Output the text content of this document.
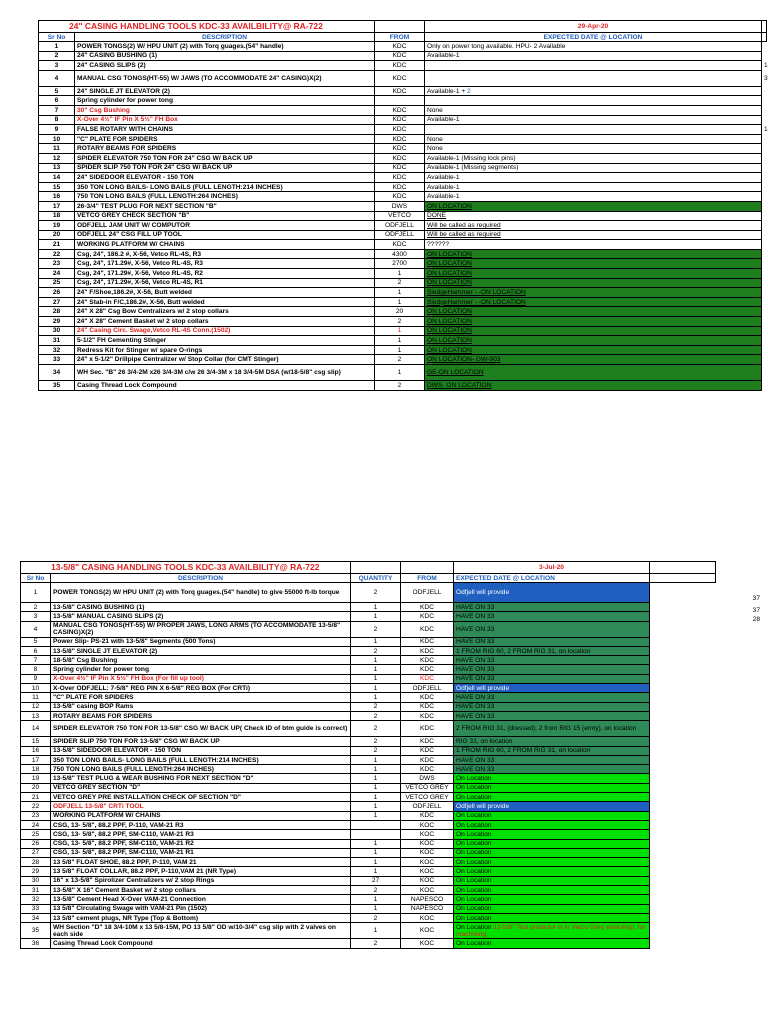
24" CASING HANDLING TOOLS KDC-33 AVAILBILITY@ RA-722			29-Apr-20	
Sr No	DESCRIPTION	FROM	EXPECTED DATE @ LOCATION	
1	POWER TONGS(2) W/ HPU UNIT (2) with Torq guages.(54" handle)	KDC	Only on power tong available. HPU- 2 Available	
2	24" CASING BUSHING (1)	KDC	Available-1	
3	24" CASING SLIPS (2)	KDC		1
4	MANUAL CSG TONGS(HT-55) W/ JAWS (TO ACCOMMODATE 24" CASING)X(2)	KDC		3
5	24" SINGLE JT ELEVATOR (2)	KDC	Available-1 + 2	
6	Spring cylinder for power tong			
7	30" Csg Bushing	KDC	None	
8	X-Over 4½" IF Pin X 5½" FH Box	KDC	Available-1	
9	FALSE ROTARY WITH CHAINS	KDC		1
10	"C" PLATE FOR SPIDERS	KDC	None	
11	ROTARY BEAMS FOR SPIDERS	KDC	None	
12	SPIDER ELEVATOR 750 TON FOR 24" CSG W/ BACK UP	KDC	Available-1 (Missing lock pins)	
13	SPIDER SLIP 750 TON FOR 24" CSG W/ BACK UP	KDC	Available-1 (Missing segments)	
14	24" SIDEDOOR ELEVATOR - 150 TON	KDC	Available-1	
15	350 TON LONG BAILS- LONG BAILS (FULL LENGTH:214 INCHES)	KDC	Available-1	
16	750 TON LONG BAILS (FULL LENGTH:264 INCHES)	KDC	Available-1	
17	26-3/4" TEST PLUG FOR NEXT SECTION "B"	DWS	ON LOCATION	
18	VETCO GREY CHECK SECTION "B"	VETCO	DONE	
19	ODFJELL JAM UNIT W/ COMPUTOR	ODFJELL	Will be called as required	
20	ODFJELL 24" CSG FILL UP TOOL	ODFJELL	Will be called as required	
21	WORKING PLATFORM W/ CHAINS	KDC	??????	
22	Csg, 24", 186.2 #, X-56, Vetco RL-4S, R3	4300	ON LOCATION	
23	Csg, 24", 171.29#, X-56, Vetco RL-4S, R3	2700	ON LOCATION	
24	Csg, 24", 171.29#, X-56, Vetco RL-4S, R2	1	ON LOCATION	
25	Csg, 24", 171.29#, X-56, Vetco RL-4S, R1	2	ON LOCATION	
26	24" F/Shoe,186.2#, X-56, Butt welded	1	SledgeHammer - -ON LOCATION	
27	24" Stab-in F/C,186.2#, X-56, Butt welded	1	SledgeHammer - -ON LOCATION	
28	24" X 28" Csg Bow Centralizers w/ 2 stop collars	20	ON LOCATION	
29	24" X 28" Cement Basket w/ 2 stop collars	2	ON LOCATION	
30	24" Casing Circ. Swage,Vetco RL-4S Conn.(1502)	1	ON LOCATION	
31	5-1/2" FH Cementing Stinger	1	ON LOCATION	
32	Redress Kit for Stinger w/ spare O-rings	1	ON LOCATION	
33	24" x 5-1/2" Drillpipe Centralizer w/ Stop Collar (for CMT Stinger)	2	ON LOCATION- GW-903	
34	WH Sec. "B" 26 3/4-2M x26 3/4-3M c/w 26 3/4-3M x 18 3/4-5M DSA (w/18-5/8" csg slip)	1	GE-ON LOCATION	
35	Casing Thread Lock Compound	2	DWS- ON LOCATION	
13-5/8" CASING HANDLING TOOLS KDC-33 AVAILBILITY@ RA-722				3-Jul-20	
Sr No	DESCRIPTION	QUANTITY	FROM	EXPECTED DATE @ LOCATION	
1	POWER TONGS(2) W/ HPU UNIT (2) with Torq guages.(54" handle) to give 55000 ft-lb torque	2	ODFJELL	Odfjell will provide	
2	13-5/8" CASING BUSHING (1)	1	KDC	HAVE ON 33	
3	13-5/8" MANUAL CASING SLIPS (2)	1	KDC	HAVE ON 33	
4	MANUAL CSG TONGS(HT-55) W/ PROPER JAWS, LONG ARMS (TO ACCOMMODATE 13-5/8" CASING)X(2)	2	KDC	HAVE ON 33	
5	Power Slip- PS-21 with 13-5/8" Segments (500 Tons)	1	KDC	HAVE ON 33	
6	13-5/8" SINGLE JT ELEVATOR (2)	2	KDC	1 FROM RIG 60, 2 FROM RIG 31, on location	
7	18-5/8" Csg Bushing	1	KDC	HAVE ON 33	
8	Spring cylinder for power tong	1	KDC	HAVE ON 33	
9	X-Over 4½" IF Pin X 5½" FH Box (For fill up tool)	1	KDC	HAVE ON 33	
10	X-Over ODFJELL: 7-5/8" REG PIN X 6-5/8" REG BOX (For CRTi)	1	ODFJELL	Odfjell will provide	
11	"C" PLATE FOR SPIDERS	1	KDC	HAVE ON 33	
12	13-5/8" casing BOP Rams	2	KDC	HAVE ON 33	
13	ROTARY BEAMS FOR SPIDERS	2	KDC	HAVE ON 33	
14	SPIDER ELEVATOR 750 TON FOR 13-5/8" CSG W/ BACK UP( Check ID of btm guide is correct)	2	KDC	2 FROM RIG 31, (dressed), 2 from RIG 15 (emty), on location	
15	SPIDER SLIP 750 TON FOR 13-5/8" CSG W/ BACK UP	2	KDC	RIG 31, on location	
16	13-5/8" SIDEDOOR ELEVATOR - 150 TON	2	KDC	1 FROM RIG 60, 2 FROM RIG 31, on location	
17	350 TON LONG BAILS- LONG BAILS (FULL LENGTH:214 INCHES)	1	KDC	HAVE ON 33	
18	750 TON LONG BAILS (FULL LENGTH:264 INCHES)	1	KDC	HAVE ON 33	
19	13-5/8" TEST PLUG & WEAR BUSHING FOR NEXT SECTION "D"	1	DWS	On Location	
20	VETCO GREY SECTION "D"	1	VETCO GREY	On Location	
21	VETCO GREY PRE INSTALLATION CHECK OF SECTION "D"	1	VETCO GREY	On Location	
22	ODFJELL 13-5/8" CRTi TOOL	1	ODFJELL	Odfjell will provide	
23	WORKING PLATFORM W/ CHAINS	1	KDC	On Location	
24	CSG, 13- 5/8", 88.2 PPF, P-110, VAM-21 R3		KOC	On Location	
25	CSG, 13- 5/8", 88.2 PPF, SM-C110, VAM-21 R3		KOC	On Location	
26	CSG, 13- 5/8", 88.2 PPF, SM-C110, VAM-21 R2	1	KOC	On Location	
27	CSG, 13- 5/8", 88.2 PPF, SM-C110, VAM-21 R1	1	KOC	On Location	
28	13 5/8" FLOAT SHOE, 88.2 PPF, P-110, VAM 21	1	KOC	On Location	
29	13 5/8" FLOAT COLLAR, 88.2 PPF, P-110,VAM 21 (NR Type)	1	KOC	On Location	
30	16" x 13-5/8" Spirolizer Centralizers w/ 2 stop Rings	27	KOC	On Location	
31	13-5/8" X 16" Cement Basket w/ 2 stop collars	2	KOC	On Location	
32	13-5/8" Cement Head X-Over VAM-21 Connection	1	NAPESCO	On Location	
33	13 5/8" Circulating Swage with VAM-21 Pin (1502)	1	NAPESCO	On Location	
34	13 5/8" cement plugs, NR Type (Top & Bottom)	2	KOC	On Location	
35	WH Section "D" 18 3/4-10M x 13 5/8-15M, PO 13 5/8" OD w/10-3/4" csg slip with 2 valves on each side	1	KOC	On Location 13-5/8" Test protector is in Vetco Grey workshop, for machining.	
36	Casing Thread Lock Compound	2	KOC	On Location	
37
37
28
